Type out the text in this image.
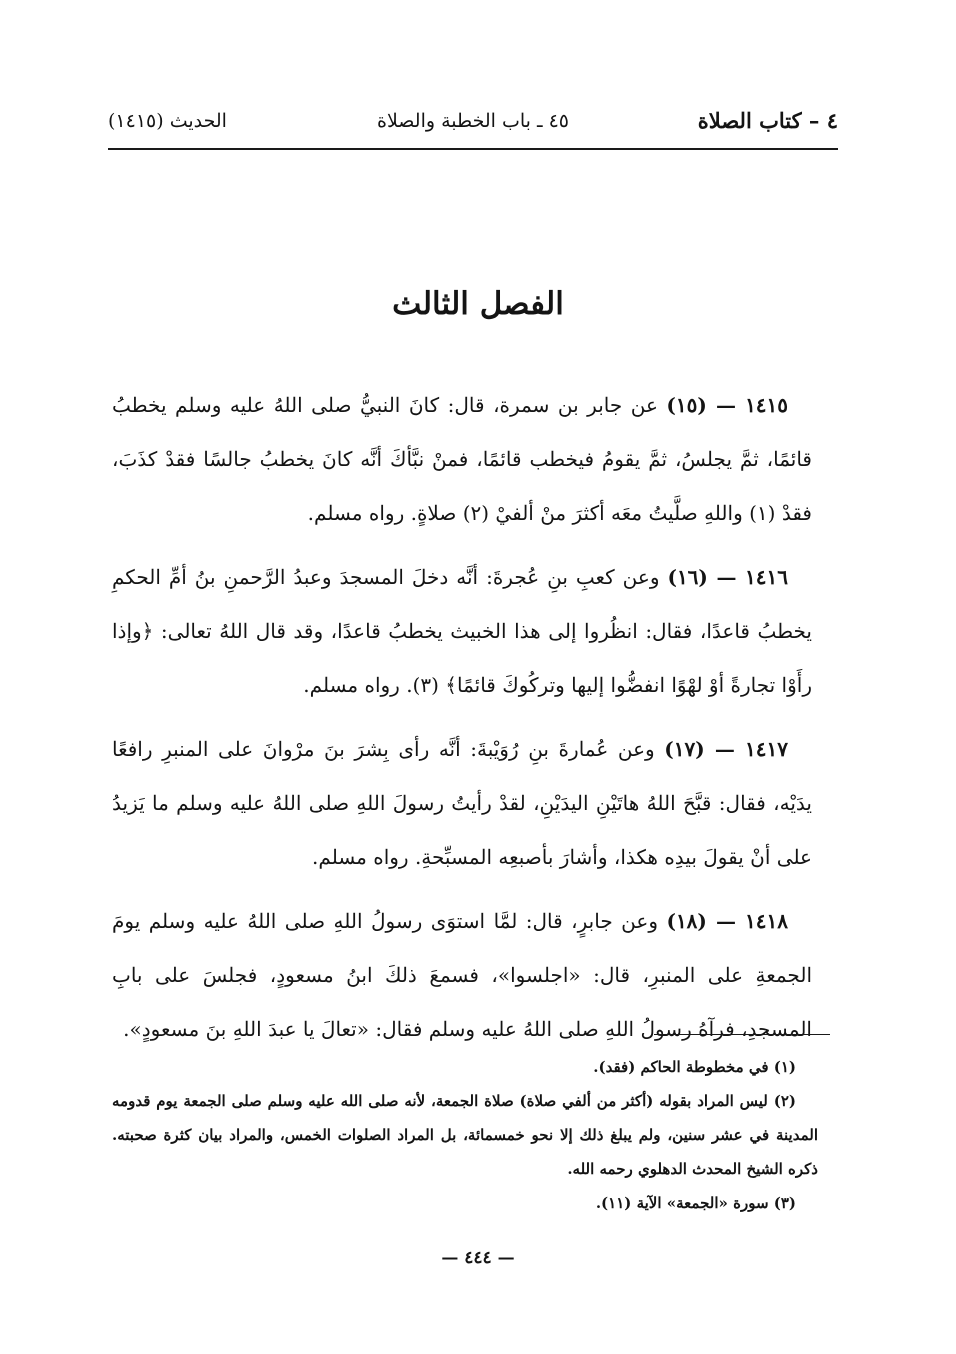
٤ – كتاب الصلاة
٤٥ ـ باب الخطبة والصلاة
الحديث (١٤١٥)
الفصل الثالث

١٤١٥ — (١٥) عن جابر بن سمرة، قال: كانَ النبيُّ صلى اللهُ عليه وسلم يخطبُ قائمًا، ثمَّ يجلسُ، ثمَّ يقومُ فيخطب قائمًا، فمنْ نبَّأكَ أنَّه كانَ يخطبُ جالسًا فقدْ كذَبَ، فقدْ (١) واللهِ صلَّيتُ معَه أكثرَ منْ ألفيْ (٢) صلاةٍ. رواه مسلم.

١٤١٦ — (١٦) وعن كعبِ بنِ عُجرةَ: أنَّه دخلَ المسجدَ وعبدُ الرَّحمنِ بنُ أمِّ الحكمِ يخطبُ قاعدًا، فقال: انظُروا إلى هذا الخبيث يخطبُ قاعدًا، وقد قال اللهُ تعالى: ﴿وإذا رأَوْا تجارةً أوْ لهْوًا انفضُّوا إليها وتركُوكَ قائمًا﴾ (٣). رواه مسلم.

١٤١٧ — (١٧) وعن عُمارةَ بنِ رُوَيْبةَ: أنَّه رأى بِشرَ بنَ مرْوانَ على المنبرِ رافعًا يدَيْه، فقال: قبَّحَ اللهُ هاتَيْنِ اليدَيْنِ، لقدْ رأيتُ رسولَ اللهِ صلى اللهُ عليه وسلم ما يَزيدُ على أنْ يقولَ بيدِه هكذا، وأشارَ بأصبعِه المسبِّحةِ. رواه مسلم.

١٤١٨ — (١٨) وعن جابرٍ، قال: لمَّا استوَى رسولُ اللهِ صلى اللهُ عليه وسلم يومَ الجمعةِ على المنبرِ، قال: «اجلسوا»، فسمعَ ذلكَ ابنُ مسعودٍ، فجلسَ على بابِ المسجدِ، فرآهُ رسولُ اللهِ صلى اللهُ عليه وسلم فقال: «تعالَ يا عبدَ اللهِ بنَ مسعودٍ».

(١) في مخطوطة الحاكم (فقد).

(٢) ليس المراد بقوله (أكثر من ألفي صلاة) صلاة الجمعة، لأنه صلى الله عليه وسلم صلى الجمعة يوم قدومه المدينة في عشر سنين، ولم يبلغ ذلك إلا نحو خمسمائة، بل المراد الصلوات الخمس، والمراد بيان كثرة صحبته. ذكره الشيخ المحدث الدهلوي رحمه الله.

(٣) سورة «الجمعة» الآية (١١).

— ٤٤٤ —
